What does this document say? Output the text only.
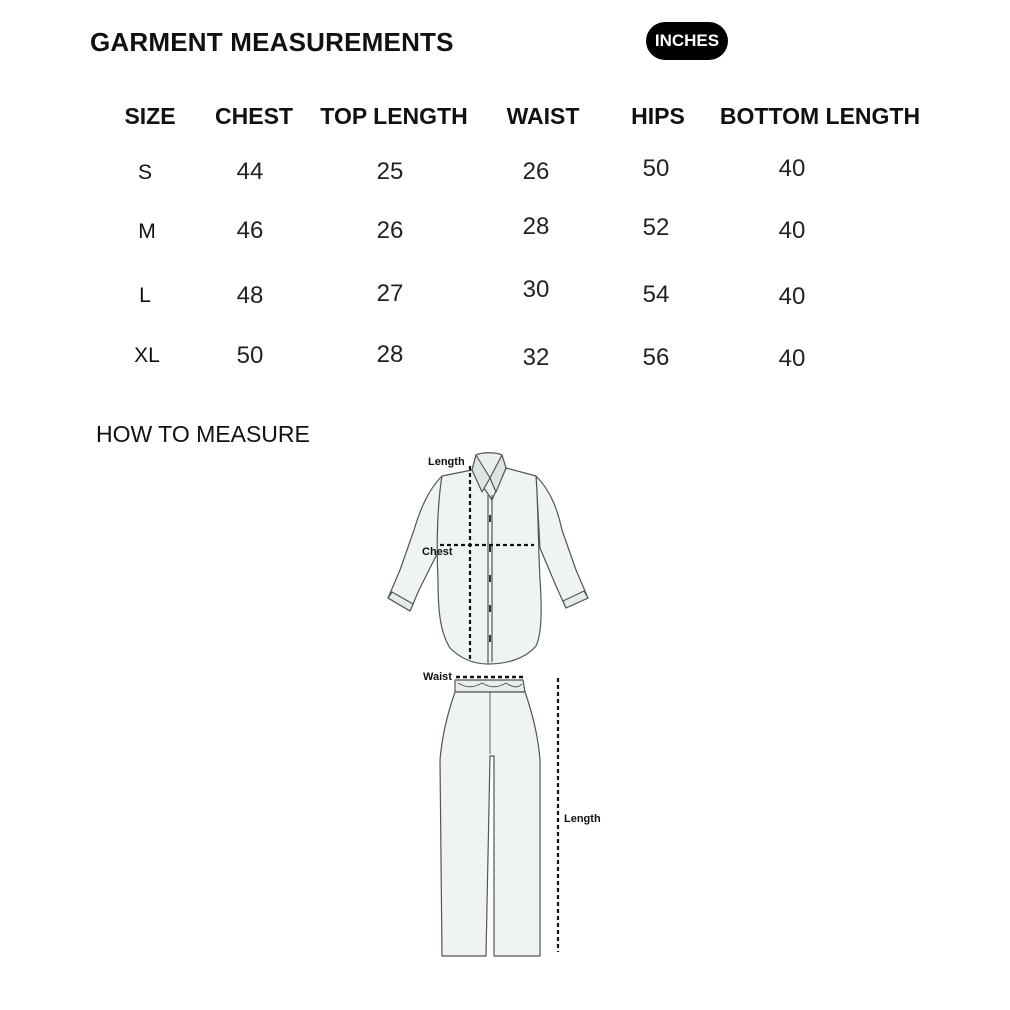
GARMENT MEASUREMENTS	INCHES
SIZE CHEST TOP LENGTH WAIST HIPS BOTTOM LENGTH
S	44	25	26	50	40
M	46	26	28	52	40
L	48	27	30	54	40
XL	50	28	32	56	40
HOW TO MEASURE
Length
Chest
Waist
Length
